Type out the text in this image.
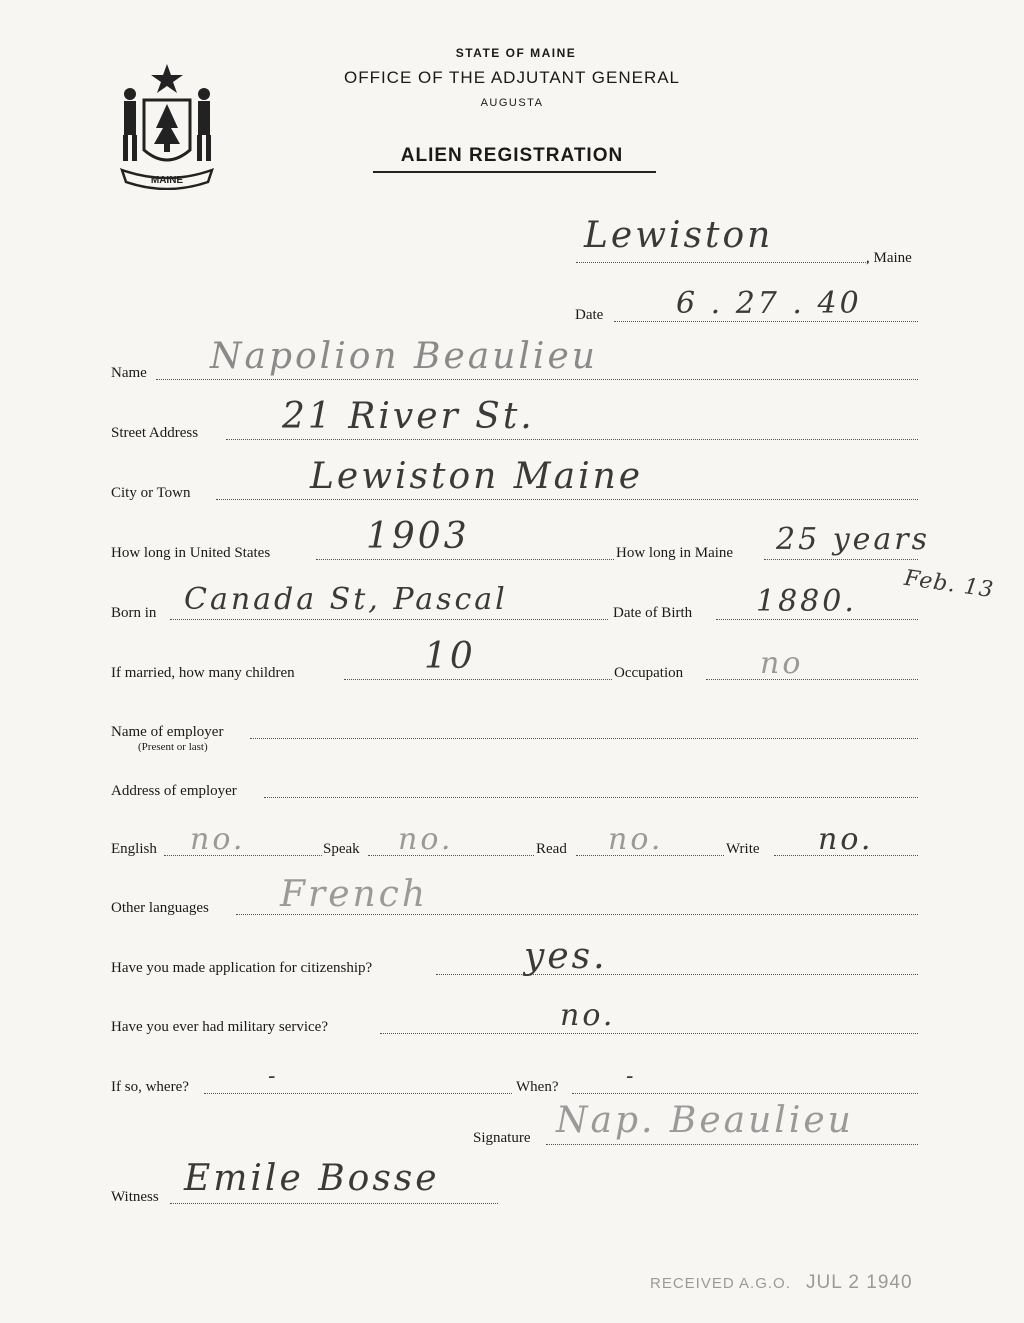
MAINE
STATE OF MAINE
OFFICE OF THE ADJUTANT GENERAL
AUGUSTA
ALIEN REGISTRATION
Lewiston
, Maine
Date 6 . 27 . 40
Name Napolion Beaulieu
Street Address 21 River St.
City or Town	Lewiston Maine
How long in United States	1903	How long in Maine 25 years
Born in Canada St, Pascal	Date of Birth 1880. Feb. 13
If married, how many children	10	Occupation	no
Name of employer
(Present or last)
Address of employer
English no.	Speak no.	Read no.	Write no.
Other languages French
Have you made application for citizenship?	yes.
Have you ever had military service?	no.
If so, where?	-	When?	-
Signature Nap. Beaulieu
Witness Emile Bosse
RECEIVED A.G.O. JUL 2 1940
